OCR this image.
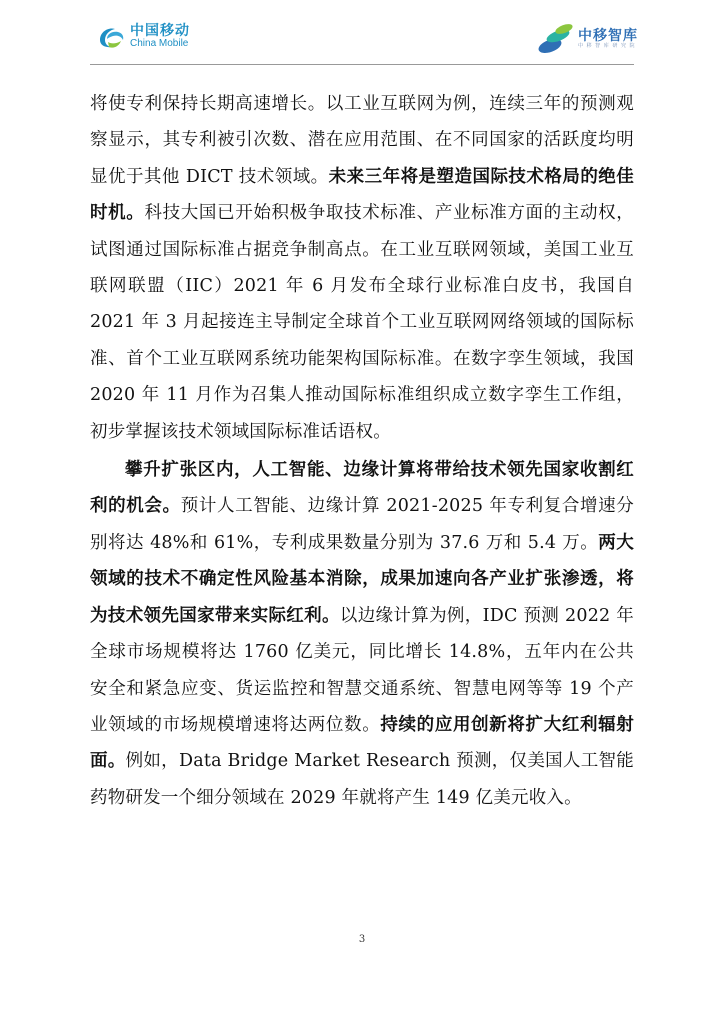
中国移动
China Mobile
中移智库
中 移 智 库 研 究 院

将使专利保持长期高速增长。以工业互联网为例，连续三年的预测观察显示，其专利被引次数、潜在应用范围、在不同国家的活跃度均明显优于其他 DICT 技术领域。未来三年将是塑造国际技术格局的绝佳时机。科技大国已开始积极争取技术标准、产业标准方面的主动权，试图通过国际标准占据竞争制高点。在工业互联网领域，美国工业互联网联盟（IIC）2021 年 6 月发布全球行业标准白皮书，我国自 2021 年 3 月起接连主导制定全球首个工业互联网网络领域的国际标准、首个工业互联网系统功能架构国际标准。在数字孪生领域，我国 2020 年 11 月作为召集人推动国际标准组织成立数字孪生工作组，初步掌握该技术领域国际标准话语权。

攀升扩张区内，人工智能、边缘计算将带给技术领先国家收割红利的机会。预计人工智能、边缘计算 2021-2025 年专利复合增速分别将达 48%和 61%，专利成果数量分别为 37.6 万和 5.4 万。两大领域的技术不确定性风险基本消除，成果加速向各产业扩张渗透，将为技术领先国家带来实际红利。以边缘计算为例，IDC 预测 2022 年全球市场规模将达 1760 亿美元，同比增长 14.8%，五年内在公共安全和紧急应变、货运监控和智慧交通系统、智慧电网等等 19 个产业领域的市场规模增速将达两位数。持续的应用创新将扩大红利辐射面。例如，Data Bridge Market Research 预测，仅美国人工智能药物研发一个细分领域在 2029 年就将产生 149 亿美元收入。

3
